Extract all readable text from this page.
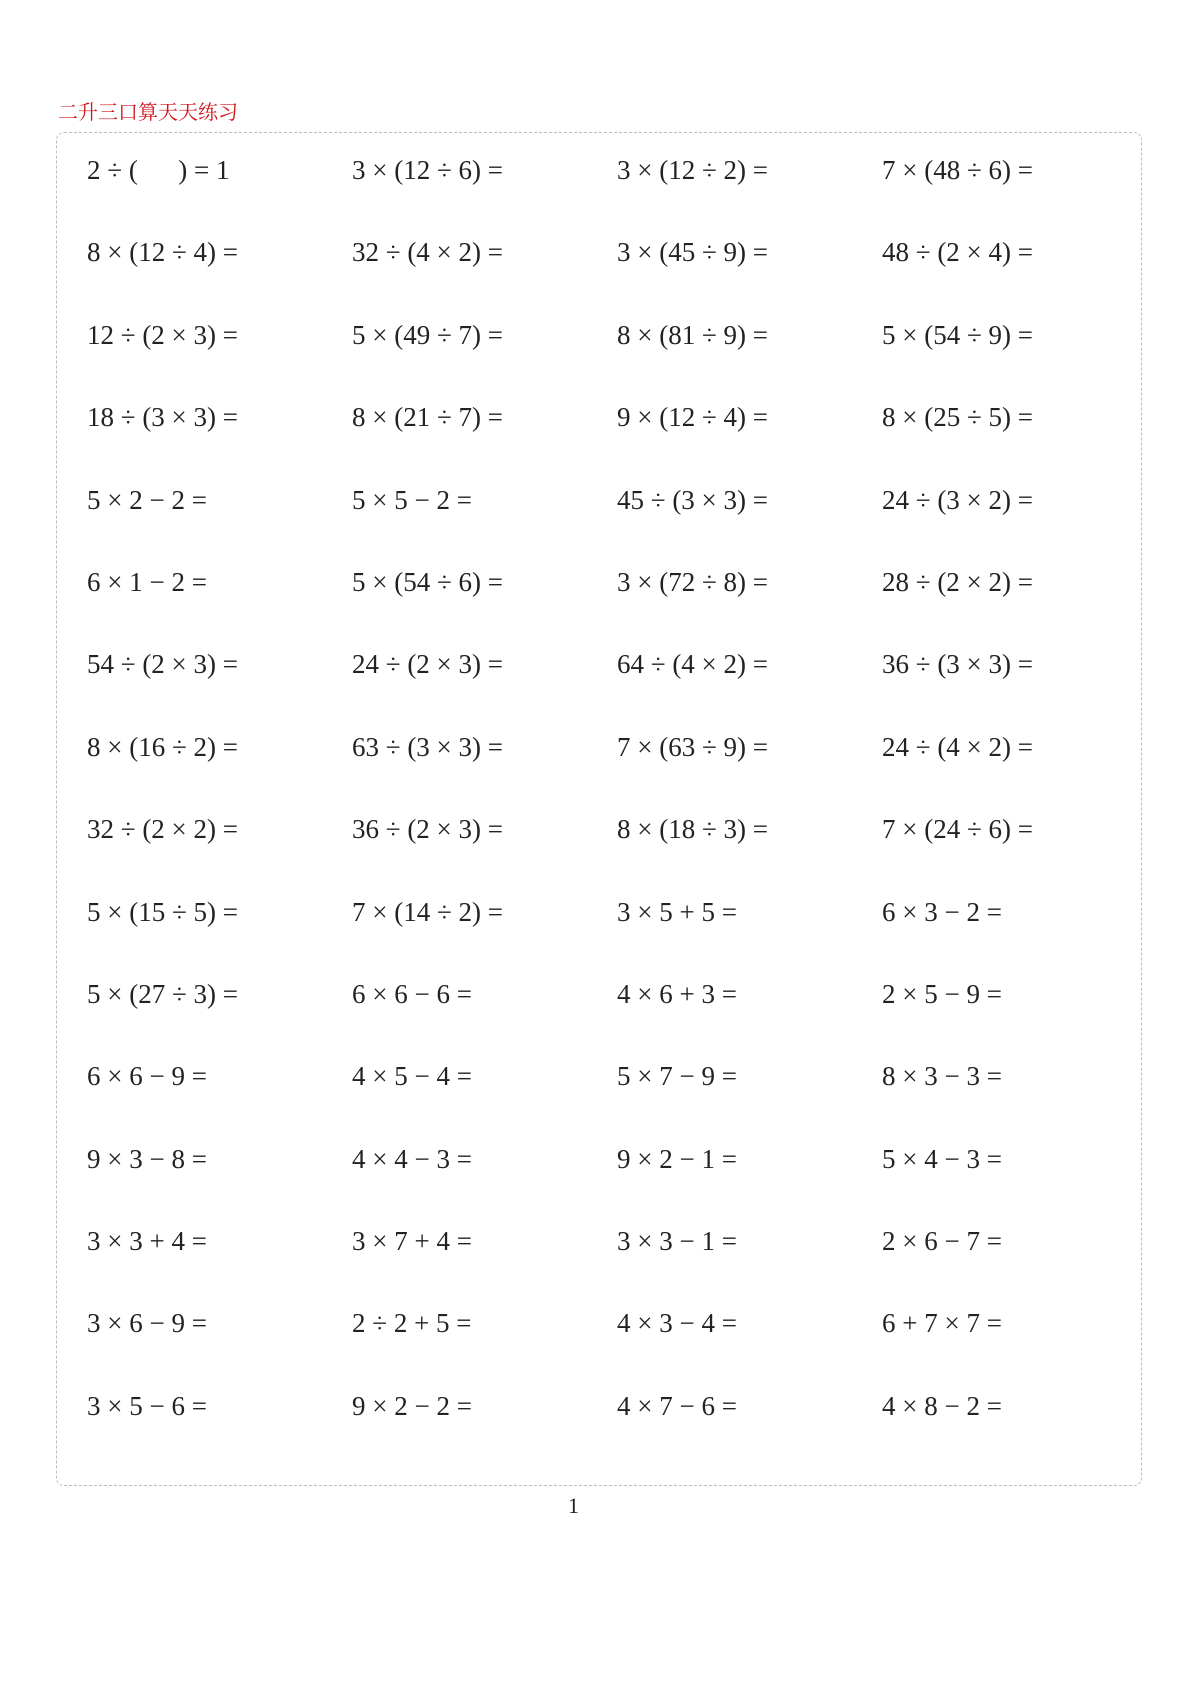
二升三口算天天练习
2 ÷ (      ) = 1	3 × (12 ÷ 6) =	3 × (12 ÷ 2) =	7 × (48 ÷ 6) =
8 × (12 ÷ 4) =	32 ÷ (4 × 2) =	3 × (45 ÷ 9) =	48 ÷ (2 × 4) =
12 ÷ (2 × 3) =	5 × (49 ÷ 7) =	8 × (81 ÷ 9) =	5 × (54 ÷ 9) =
18 ÷ (3 × 3) =	8 × (21 ÷ 7) =	9 × (12 ÷ 4) =	8 × (25 ÷ 5) =
5 × 2 − 2 =	5 × 5 − 2 =	45 ÷ (3 × 3) =	24 ÷ (3 × 2) =
6 × 1 − 2 =	5 × (54 ÷ 6) =	3 × (72 ÷ 8) =	28 ÷ (2 × 2) =
54 ÷ (2 × 3) =	24 ÷ (2 × 3) =	64 ÷ (4 × 2) =	36 ÷ (3 × 3) =
8 × (16 ÷ 2) =	63 ÷ (3 × 3) =	7 × (63 ÷ 9) =	24 ÷ (4 × 2) =
32 ÷ (2 × 2) =	36 ÷ (2 × 3) =	8 × (18 ÷ 3) =	7 × (24 ÷ 6) =
5 × (15 ÷ 5) =	7 × (14 ÷ 2) =	3 × 5 + 5 =	6 × 3 − 2 =
5 × (27 ÷ 3) =	6 × 6 − 6 =	4 × 6 + 3 =	2 × 5 − 9 =
6 × 6 − 9 =	4 × 5 − 4 =	5 × 7 − 9 =	8 × 3 − 3 =
9 × 3 − 8 =	4 × 4 − 3 =	9 × 2 − 1 =	5 × 4 − 3 =
3 × 3 + 4 =	3 × 7 + 4 =	3 × 3 − 1 =	2 × 6 − 7 =
3 × 6 − 9 =	2 ÷ 2 + 5 =	4 × 3 − 4 =	6 + 7 × 7 =
3 × 5 − 6 =	9 × 2 − 2 =	4 × 7 − 6 =	4 × 8 − 2 =
1
